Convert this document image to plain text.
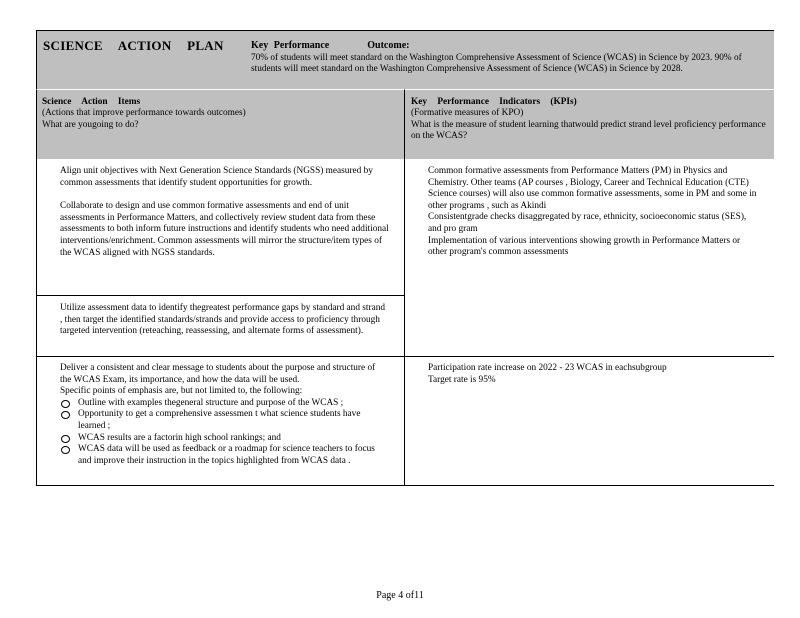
SCIENCE ACTION PLAN	Key Performance	Outcome:
70% of students will meet standard on the Washington Comprehensive Assessment of Science (WCAS) in Science by 2023. 90% of students will meet standard on the Washington Comprehensive Assessment of Science (WCAS) in Science by 2028.
Science Action Items
(Actions that improve performance towards outcomes)
What are yougoing to do?
Key Performance Indicators (KPIs)
(Formative measures of KPO)
What is the measure of student learning thatwould predict strand level proficiency performance on the WCAS?
Align unit objectives with Next Generation Science Standards (NGSS) measured by common assessments that identify student opportunities for growth.
Collaborate to design and use common formative assessments and end of unit assessments in Performance Matters, and collectively review student data from these assessments to both inform future instructions and identify students who need additional interventions/enrichment. Common assessments will mirror the structure/item types of the WCAS aligned with NGSS standards.
Utilize assessment data to identify thegreatest performance gaps by standard and strand , then target the identified standards/strands and provide access to proficiency through targeted intervention (reteaching, reassessing, and alternate forms of assessment).
Common formative assessments from Performance Matters (PM) in Physics and Chemistry. Other teams (AP courses , Biology, Career and Technical Education (CTE) Science courses) will also use common formative assessments, some in PM and some in other programs , such as Akindi
Consistentgrade checks disaggregated by race, ethnicity, socioeconomic status (SES), and pro gram
Implementation of various interventions showing growth in Performance Matters or other program's common assessments
Deliver a consistent and clear message to students about the purpose and structure of the WCAS Exam, its importance, and how the data will be used.
Specific points of emphasis are, but not limited to, the following:
Outline with examples thegeneral structure and purpose of the WCAS ;
Opportunity to get a comprehensive assessmen t what science students have learned ;
WCAS results are a factorin high school rankings; and
WCAS data will be used as feedback or a roadmap for science teachers to focus and improve their instruction in the topics highlighted from WCAS data .
Participation rate increase on 2022 - 23 WCAS in eachsubgroup
Target rate is 95%
Page 4 of11
